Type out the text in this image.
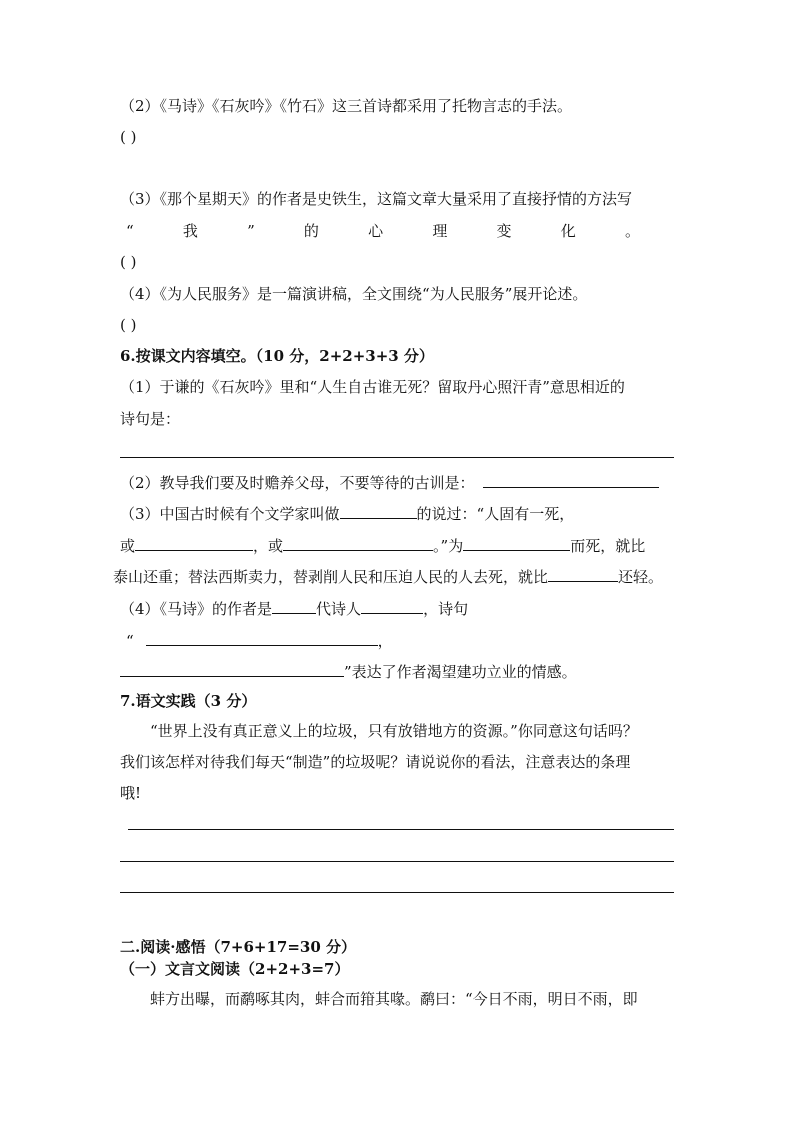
（2）《马诗》《石灰吟》《竹石》这三首诗都采用了托物言志的手法。
( )
（3）《那个星期天》的作者是史铁生，这篇文章大量采用了直接抒情的方法写
“	我	”	的	心	理	变	化	。
( )
（4）《为人民服务》是一篇演讲稿，全文围绕“为人民服务”展开论述。
( )
6.按课文内容填空。（10 分，2+2+3+3 分）
（1）于谦的《石灰吟》里和“人生自古谁无死？留取丹心照汗青”意思相近的
诗句是：
（2）教导我们要及时赡养父母，不要等待的古训是：
（3）中国古时候有个文学家叫做	的说过：“人固有一死，
或	，或	。”为	而死，就比
泰山还重；替法西斯卖力，替剥削人民和压迫人民的人去死，就比	还轻。
（4）《马诗》的作者是	代诗人	，诗句
“	，
”表达了作者渴望建功立业的情感。
7.语文实践（3 分）
“世界上没有真正意义上的垃圾，只有放错地方的资源。”你同意这句话吗？
我们该怎样对待我们每天“制造”的垃圾呢？请说说你的看法，注意表达的条理
哦!
二.阅读·感悟（7+6+17=30 分）
（一）文言文阅读（2+2+3=7）
蚌方出曝，而鹬啄其肉，蚌合而箝其喙。鹬曰：“今日不雨，明日不雨，即
